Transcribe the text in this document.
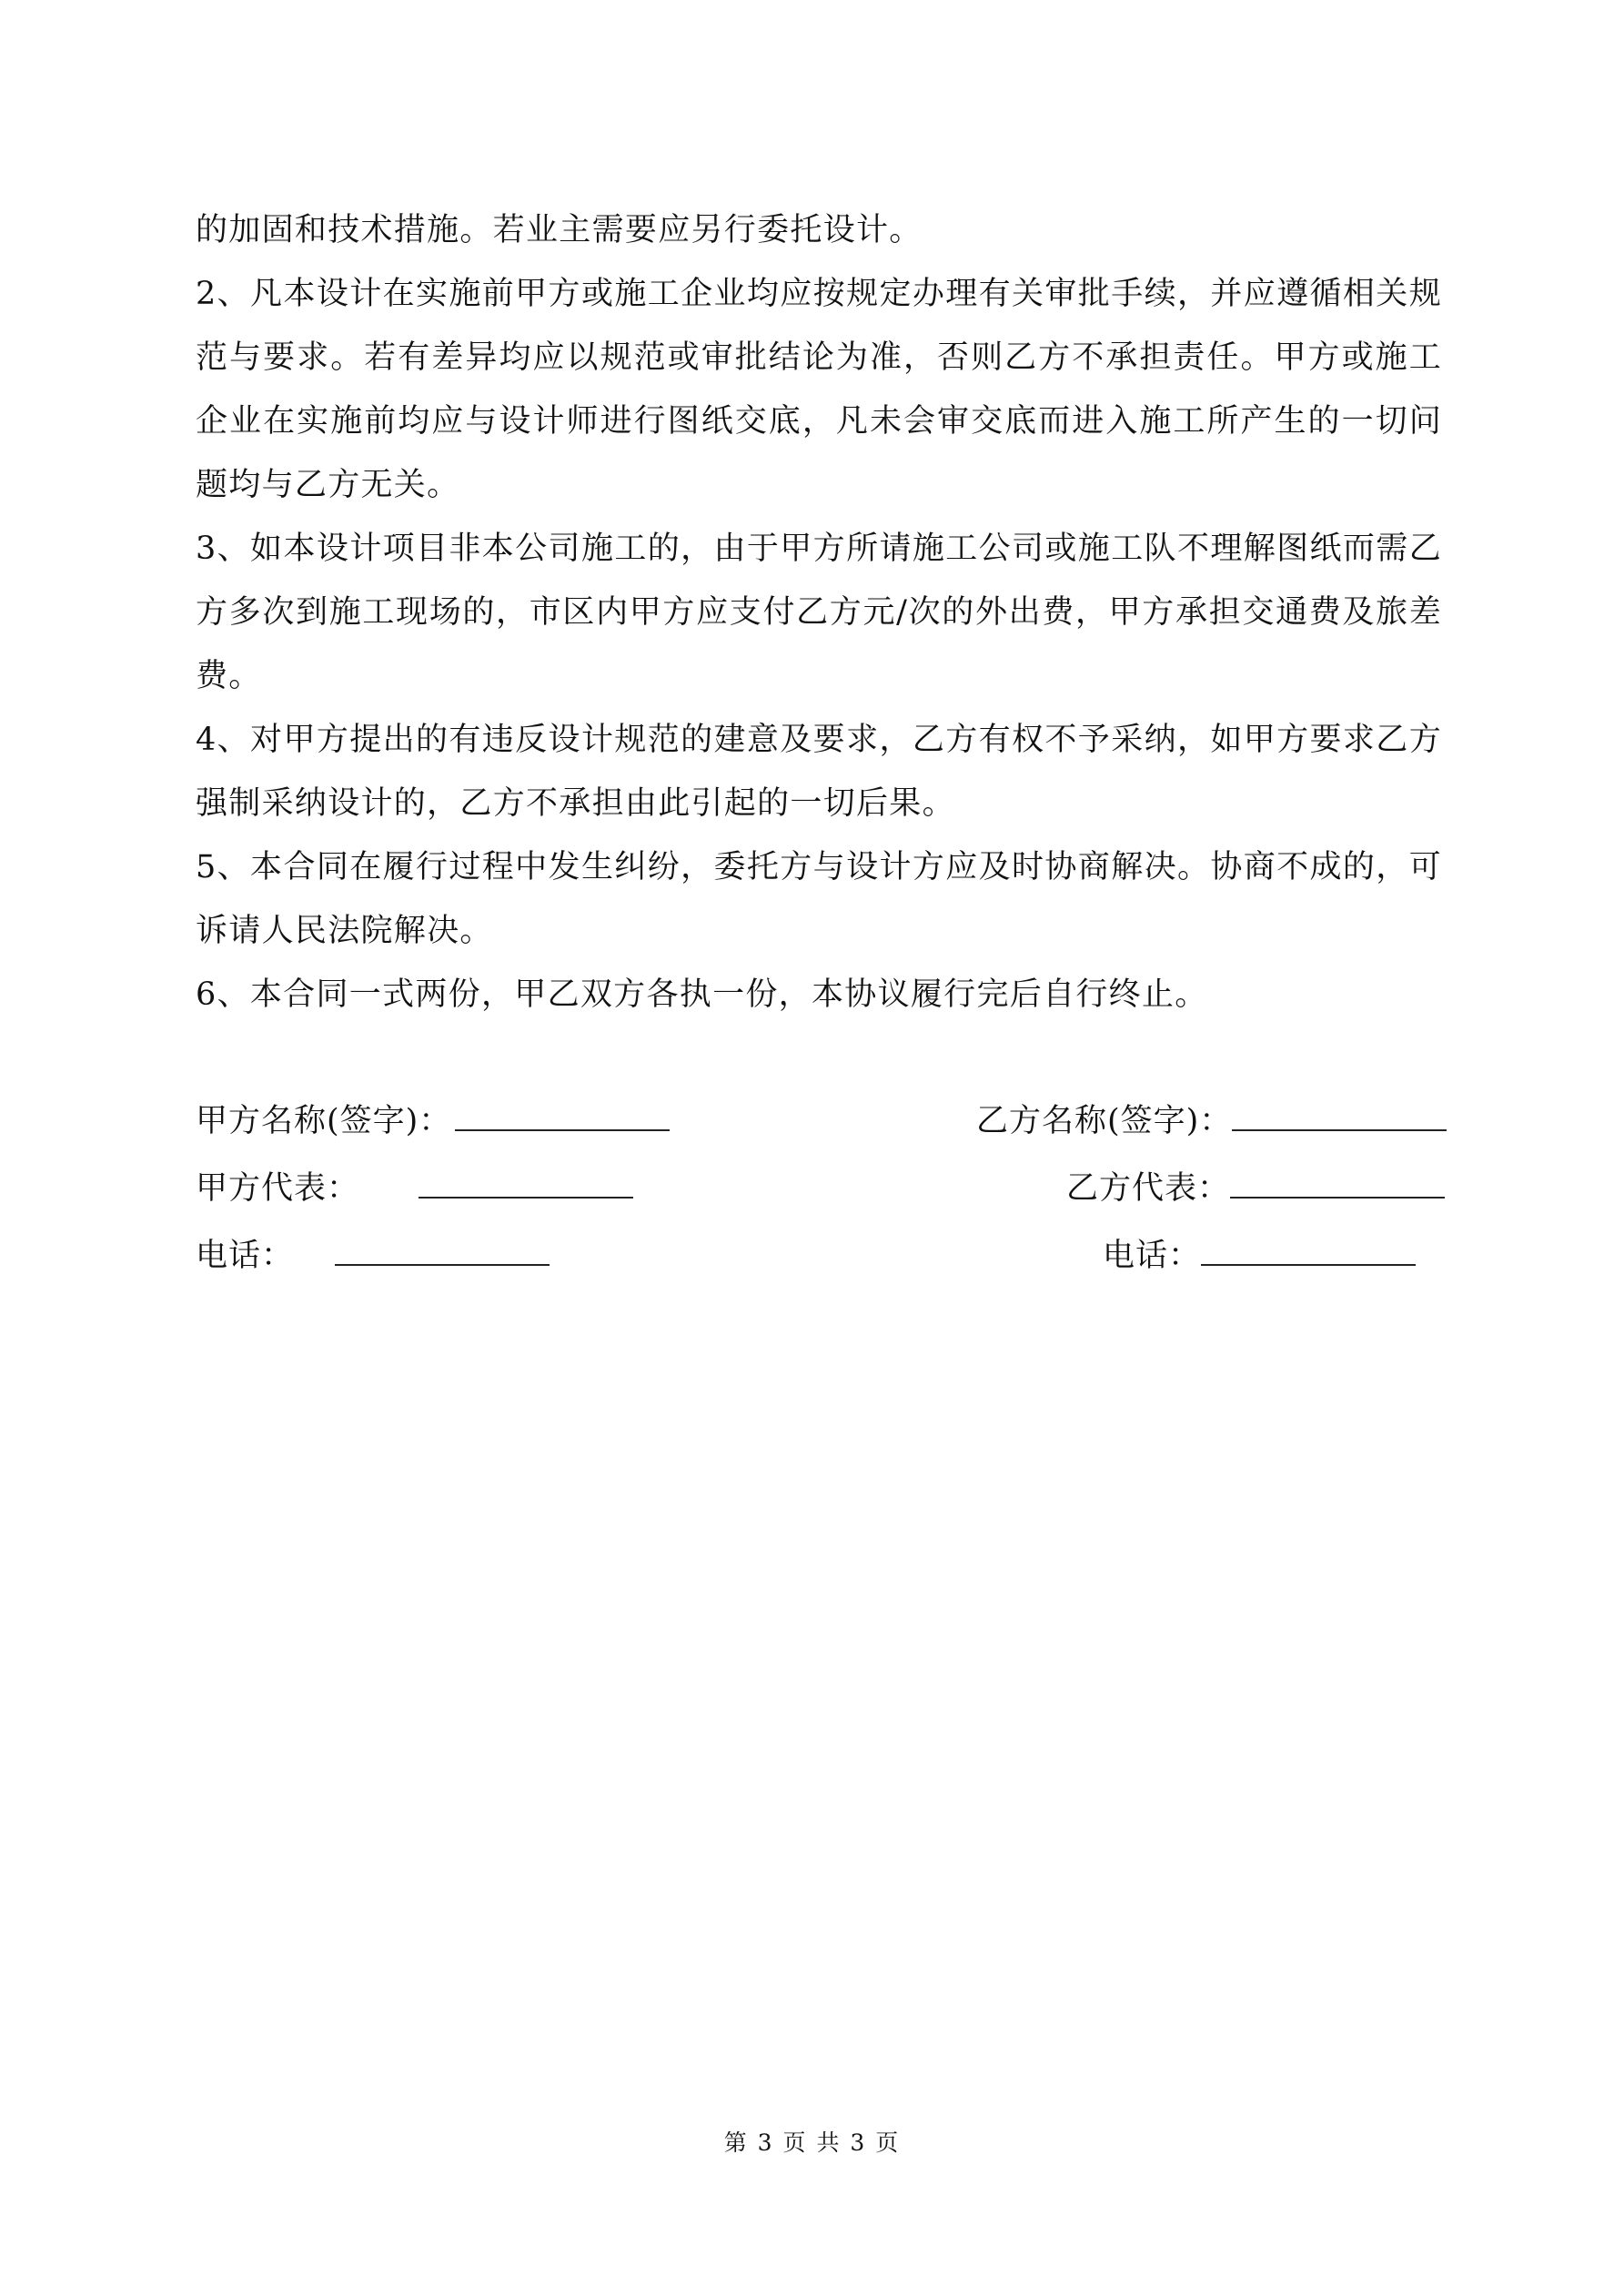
的加固和技术措施。若业主需要应另行委托设计。

2、凡本设计在实施前甲方或施工企业均应按规定办理有关审批手续，并应遵循相关规范与要求。若有差异均应以规范或审批结论为准，否则乙方不承担责任。甲方或施工企业在实施前均应与设计师进行图纸交底，凡未会审交底而进入施工所产生的一切问题均与乙方无关。

3、如本设计项目非本公司施工的，由于甲方所请施工公司或施工队不理解图纸而需乙方多次到施工现场的，市区内甲方应支付乙方元/次的外出费，甲方承担交通费及旅差费。

4、对甲方提出的有违反设计规范的建意及要求，乙方有权不予采纳，如甲方要求乙方强制采纳设计的，乙方不承担由此引起的一切后果。

5、本合同在履行过程中发生纠纷，委托方与设计方应及时协商解决。协商不成的，可诉请人民法院解决。

6、本合同一式两份，甲乙双方各执一份，本协议履行完后自行终止。

甲方名称(签字)：
甲方代表：
电话：
乙方名称(签字)：
乙方代表：
电话：
第 3 页 共 3 页
